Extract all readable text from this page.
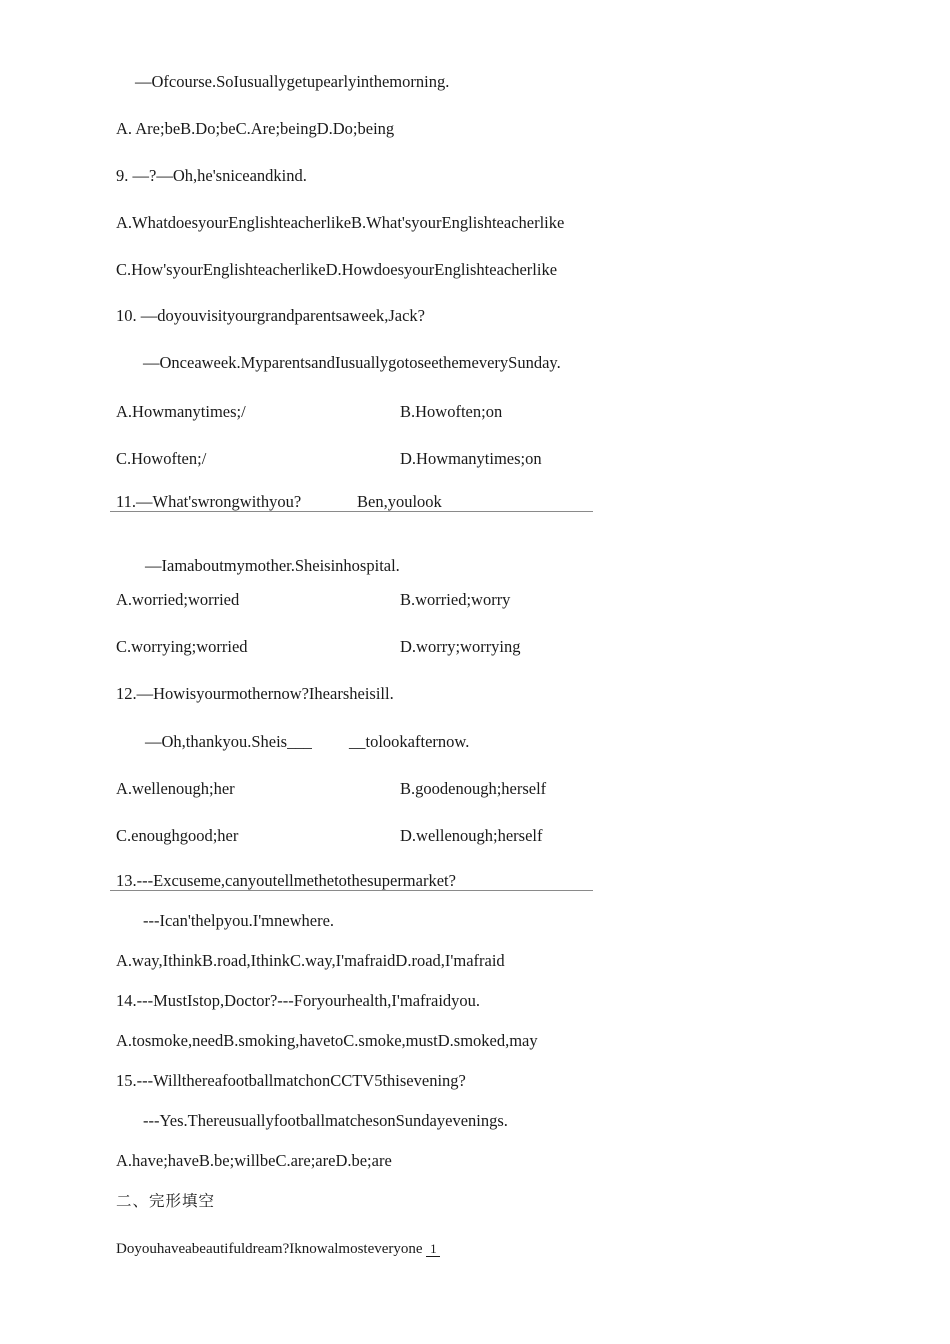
—Ofcourse.SoIusuallygetupearlyinthemorning.
A. Are;beB.Do;beC.Are;beingD.Do;being
9. —?—Oh,he'sniceandkind.
A.WhatdoesyourEnglishteacherlikeB.What'syourEnglishteacherlike
C.How'syourEnglishteacherlikeD.HowdoesyourEnglishteacherlike
10. —doyouvisityourgrandparentsaweek,Jack?
—Onceaweek.MyparentsandIusuallygotoseethemeverySunday.
A.Howmanytimes;/	B.Howoften;on
C.Howoften;/	D.Howmanytimes;on
11.—What'swrongwithyou?	Ben,youlook
—Iamaboutmymother.Sheisinhospital.
A.worried;worried	B.worried;worry
C.worrying;worried	D.worry;worrying
12.—Howisyourmothernow?Ihearsheisill.
—Oh,thankyou.Sheis___ __tolookafternow.
A.wellenough;her	B.goodenough;herself
C.enoughgood;her	D.wellenough;herself
13.---Excuseme,canyoutellmethetothesupermarket?
---Ican'thelpyou.I'mnewhere.
A.way,IthinkB.road,IthinkC.way,I'mafraidD.road,I'mafraid
14.---MustIstop,Doctor?---Foryourhealth,I'mafraidyou.
A.tosmoke,needB.smoking,havetoC.smoke,mustD.smoked,may
15.---WillthereafootballmatchonCCTV5thisevening?
---Yes.ThereusuallyfootballmatchesonSundayevenings.
A.have;haveB.be;willbeC.are;areD.be;are
二、完形填空
Doyouhaveabeautifuldream?Iknowalmosteveryone 1
